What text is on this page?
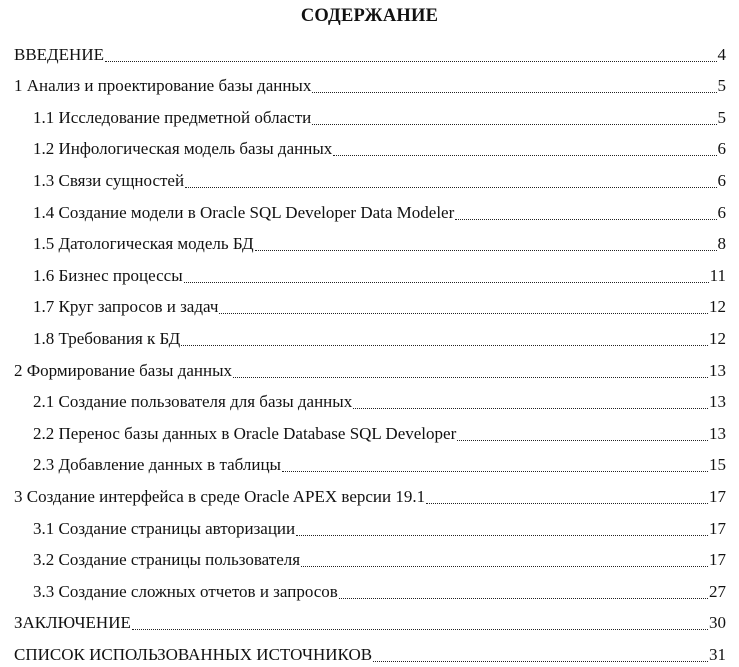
СОДЕРЖАНИЕ
ВВЕДЕНИЕ	4
1 Анализ и проектирование базы данных	5
1.1 Исследование предметной области	5
1.2 Инфологическая модель базы данных	6
1.3 Связи сущностей	6
1.4 Создание модели в Oracle SQL Developer Data Modeler	6
1.5 Датологическая модель БД	8
1.6 Бизнес процессы	11
1.7 Круг запросов и задач	12
1.8 Требования к БД	12
2 Формирование базы данных	13
2.1 Создание пользователя для базы данных	13
2.2 Перенос базы данных в Oracle Database SQL Developer	13
2.3 Добавление данных в таблицы	15
3 Создание интерфейса в среде Oracle APEX версии 19.1	17
3.1 Создание страницы авторизации	17
3.2 Создание страницы пользователя	17
3.3 Создание сложных отчетов и запросов	27
ЗАКЛЮЧЕНИЕ	30
СПИСОК ИСПОЛЬЗОВАННЫХ ИСТОЧНИКОВ	31
